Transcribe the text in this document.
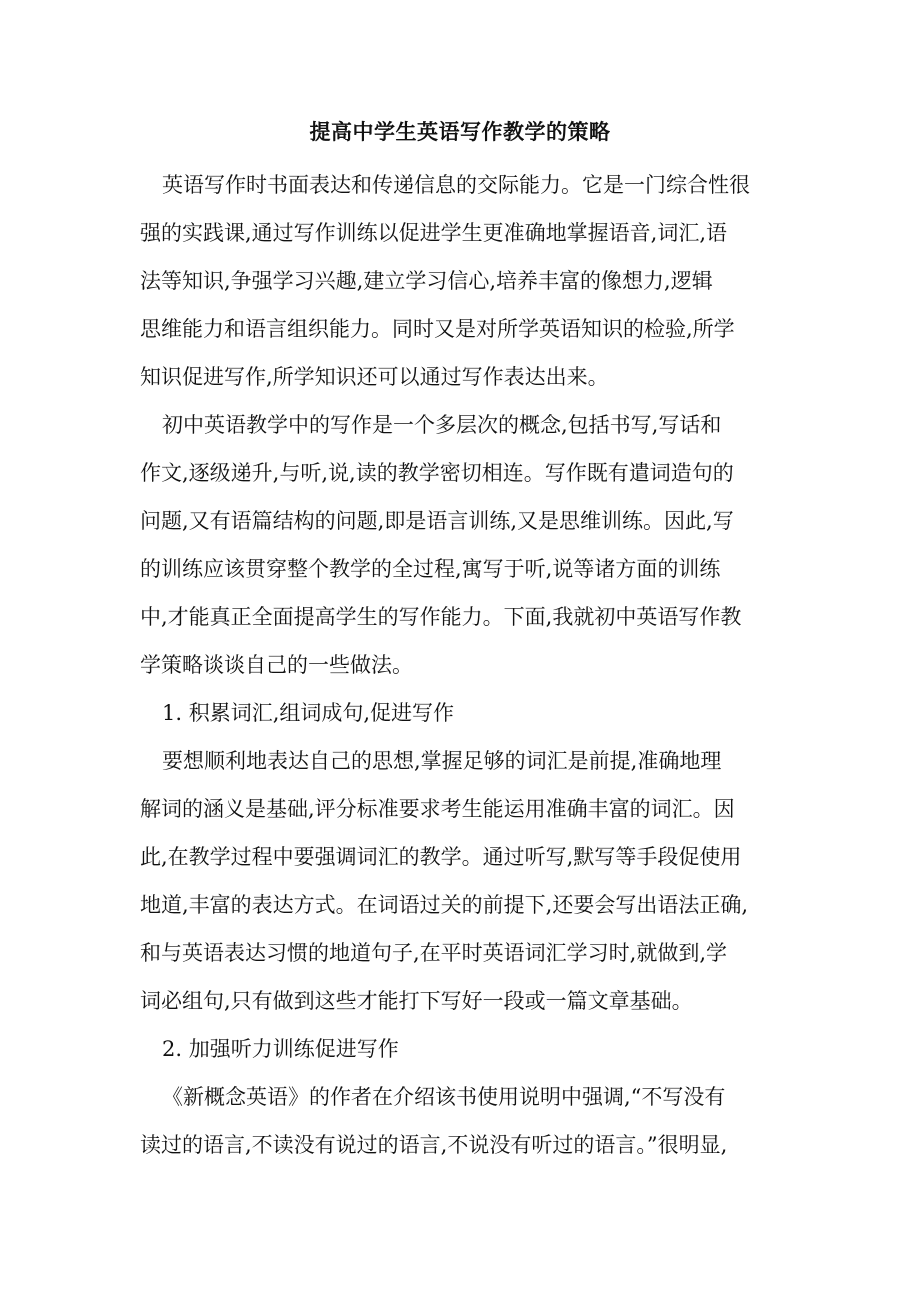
提高中学生英语写作教学的策略
英语写作时书面表达和传递信息的交际能力。它是一门综合性很
强的实践课,通过写作训练以促进学生更准确地掌握语音,词汇,语
法等知识,争强学习兴趣,建立学习信心,培养丰富的像想力,逻辑
思维能力和语言组织能力。同时又是对所学英语知识的检验,所学
知识促进写作,所学知识还可以通过写作表达出来。
初中英语教学中的写作是一个多层次的概念,包括书写,写话和
作文,逐级递升,与听,说,读的教学密切相连。写作既有遣词造句的
问题,又有语篇结构的问题,即是语言训练,又是思维训练。因此,写
的训练应该贯穿整个教学的全过程,寓写于听,说等诸方面的训练
中,才能真正全面提高学生的写作能力。下面,我就初中英语写作教
学策略谈谈自己的一些做法。
1. 积累词汇,组词成句,促进写作
要想顺利地表达自己的思想,掌握足够的词汇是前提,准确地理
解词的涵义是基础,评分标准要求考生能运用准确丰富的词汇。因
此,在教学过程中要强调词汇的教学。通过听写,默写等手段促使用
地道,丰富的表达方式。在词语过关的前提下,还要会写出语法正确,
和与英语表达习惯的地道句子,在平时英语词汇学习时,就做到,学
词必组句,只有做到这些才能打下写好一段或一篇文章基础。
2. 加强听力训练促进写作
《新概念英语》的作者在介绍该书使用说明中强调,“不写没有
读过的语言,不读没有说过的语言,不说没有听过的语言。”很明显,
